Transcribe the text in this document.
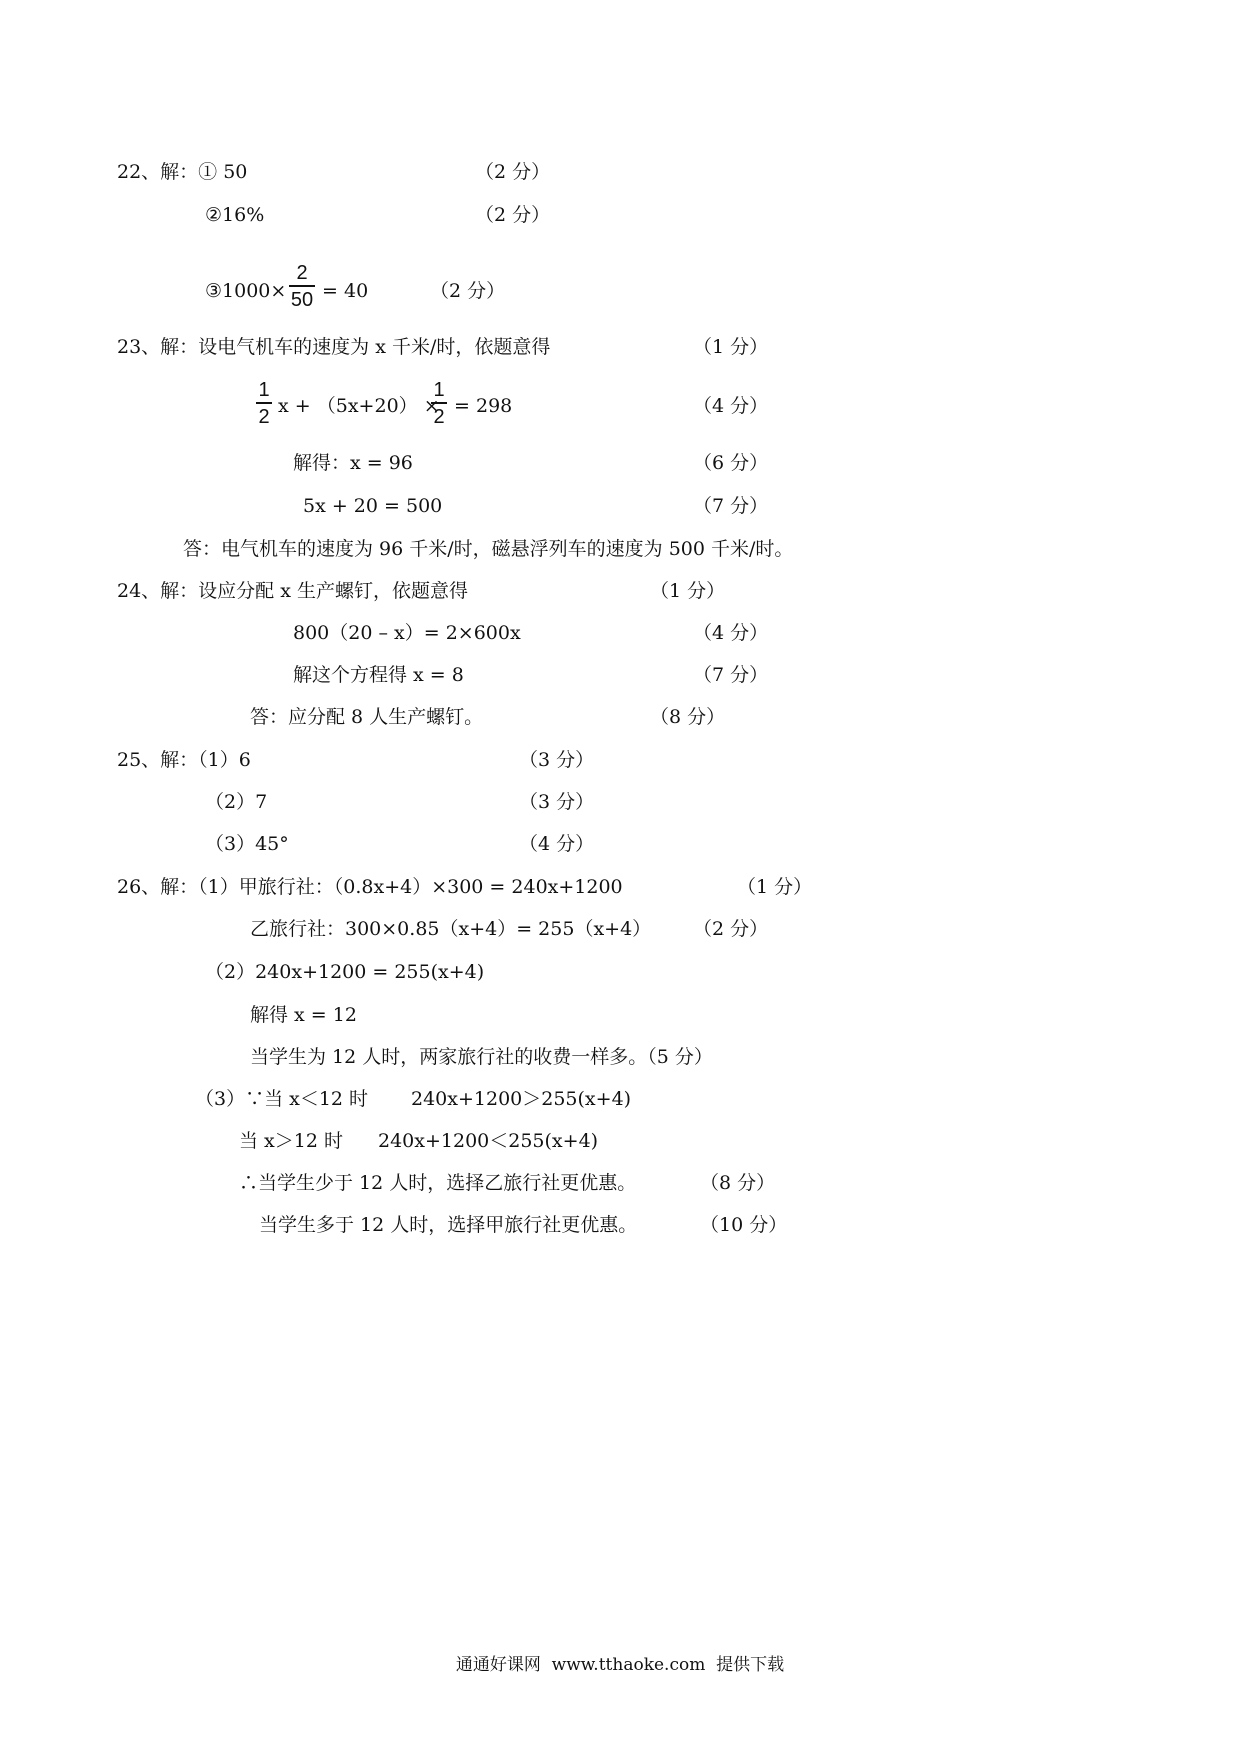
22、解：① 50	（2 分）
②16%	（2 分）
③1000×
2
50 = 40	（2 分）
23、解：设电气机车的速度为 x 千米/时，依题意得	（1 分）
1
2 x + （5x+20） ×
1
2 = 298	（4 分）
解得：x = 96	（6 分）
5x + 20 = 500	（7 分）
答：电气机车的速度为 96 千米/时，磁悬浮列车的速度为 500 千米/时。
24、解：设应分配 x 生产螺钉，依题意得	（1 分）
800（20 – x）= 2×600x	（4 分）
解这个方程得 x = 8	（7 分）
答：应分配 8 人生产螺钉。	（8 分）
25、解：（1）6	（3 分）
（2）7	（3 分）
（3）45°	（4 分）
26、解：（1）甲旅行社：（0.8x+4）×300 = 240x+1200	（1 分）
乙旅行社：300×0.85（x+4）= 255（x+4） （2 分）
（2）240x+1200 = 255(x+4)
解得 x = 12
当学生为 12 人时，两家旅行社的收费一样多。（5 分）
（3）∵当 x＜12 时 240x+1200＞255(x+4)
当 x＞12 时 240x+1200＜255(x+4)
∴当学生少于 12 人时，选择乙旅行社更优惠。	（8 分）
当学生多于 12 人时，选择甲旅行社更优惠。	（10 分）
通通好课网  www.tthaoke.com  提供下载
